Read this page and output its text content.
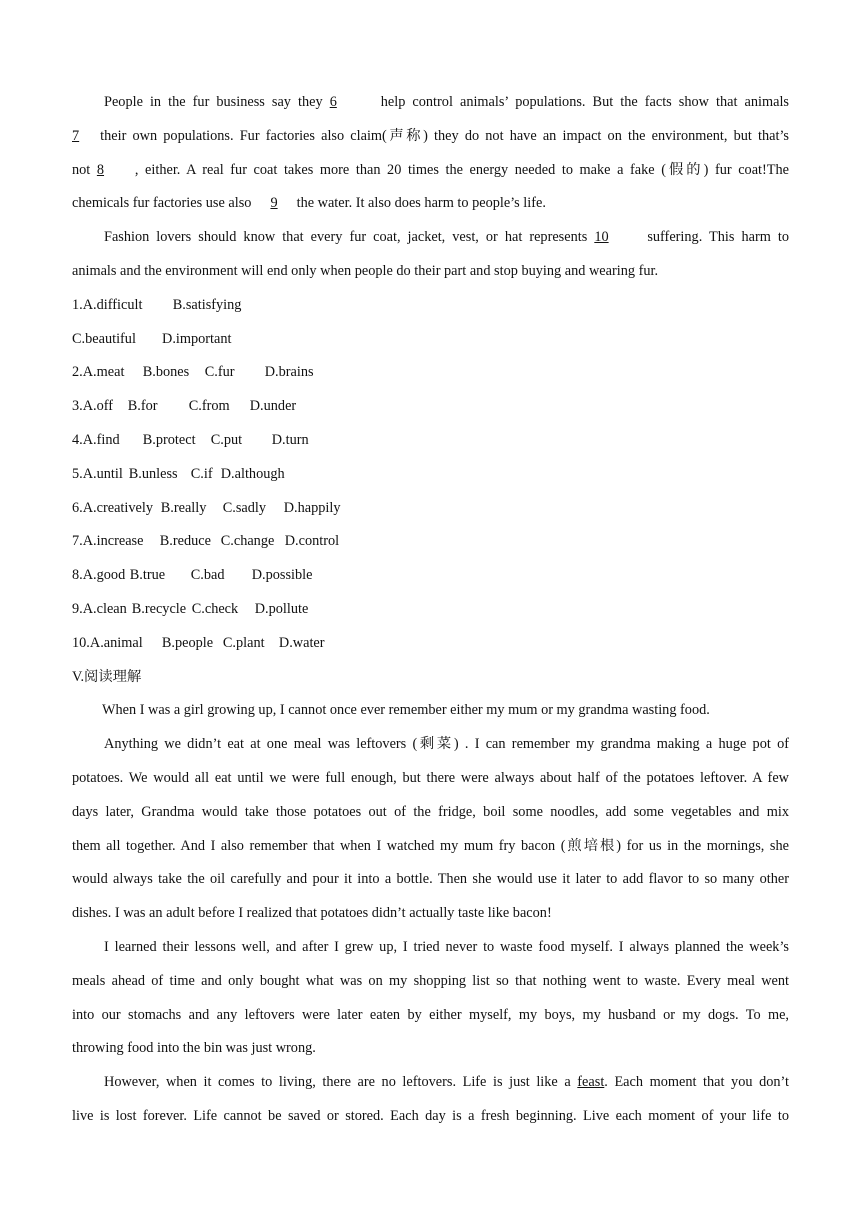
People in the fur business say they 6	help control animals’ populations. But the facts show that animals
7 their own populations. Fur factories also claim(声称) they do not have an impact on the environment, but that’s
not 8 , either. A real fur coat takes more than 20 times the energy needed to make a fake (假的) fur coat!The
chemicals fur factories use also 9 the water. It also does harm to people’s life.
Fashion lovers should know that every fur coat, jacket, vest, or hat represents 10	suffering. This harm to
animals and the environment will end only when people do their part and stop buying and wearing fur.
1.A.difficult B.satisfying
C.beautiful D.important
2.A.meat B.bones C.fur D.brains
3.A.off B.for C.from D.under
4.A.find B.protect C.put D.turn
5.A.until B.unless C.if D.although
6.A.creatively B.really C.sadly D.happily
7.A.increase B.reduce C.change D.control
8.A.good B.true C.bad D.possible
9.A.clean B.recycle C.check D.pollute
10.A.animal B.people C.plant D.water
V.阅读理解
When I was a girl growing up, I cannot once ever remember either my mum or my grandma wasting food.
Anything we didn’t eat at one meal was leftovers (剩菜) . I can remember my grandma making a huge pot of
potatoes. We would all eat until we were full enough, but there were always about half of the potatoes leftover. A few
days later, Grandma would take those potatoes out of the fridge, boil some noodles, add some vegetables and mix
them all together. And I also remember that when I watched my mum fry bacon (煎培根) for us in the mornings, she
would always take the oil carefully and pour it into a bottle. Then she would use it later to add flavor to so many other
dishes. I was an adult before I realized that potatoes didn’t actually taste like bacon!
I learned their lessons well, and after I grew up, I tried never to waste food myself. I always planned the week’s
meals ahead of time and only bought what was on my shopping list so that nothing went to waste. Every meal went
into our stomachs and any leftovers were later eaten by either myself, my boys, my husband or my dogs. To me,
throwing food into the bin was just wrong.
However, when it comes to living, there are no leftovers. Life is just like a feast. Each moment that you don’t
live is lost forever. Life cannot be saved or stored. Each day is a fresh beginning. Live each moment of your life to
